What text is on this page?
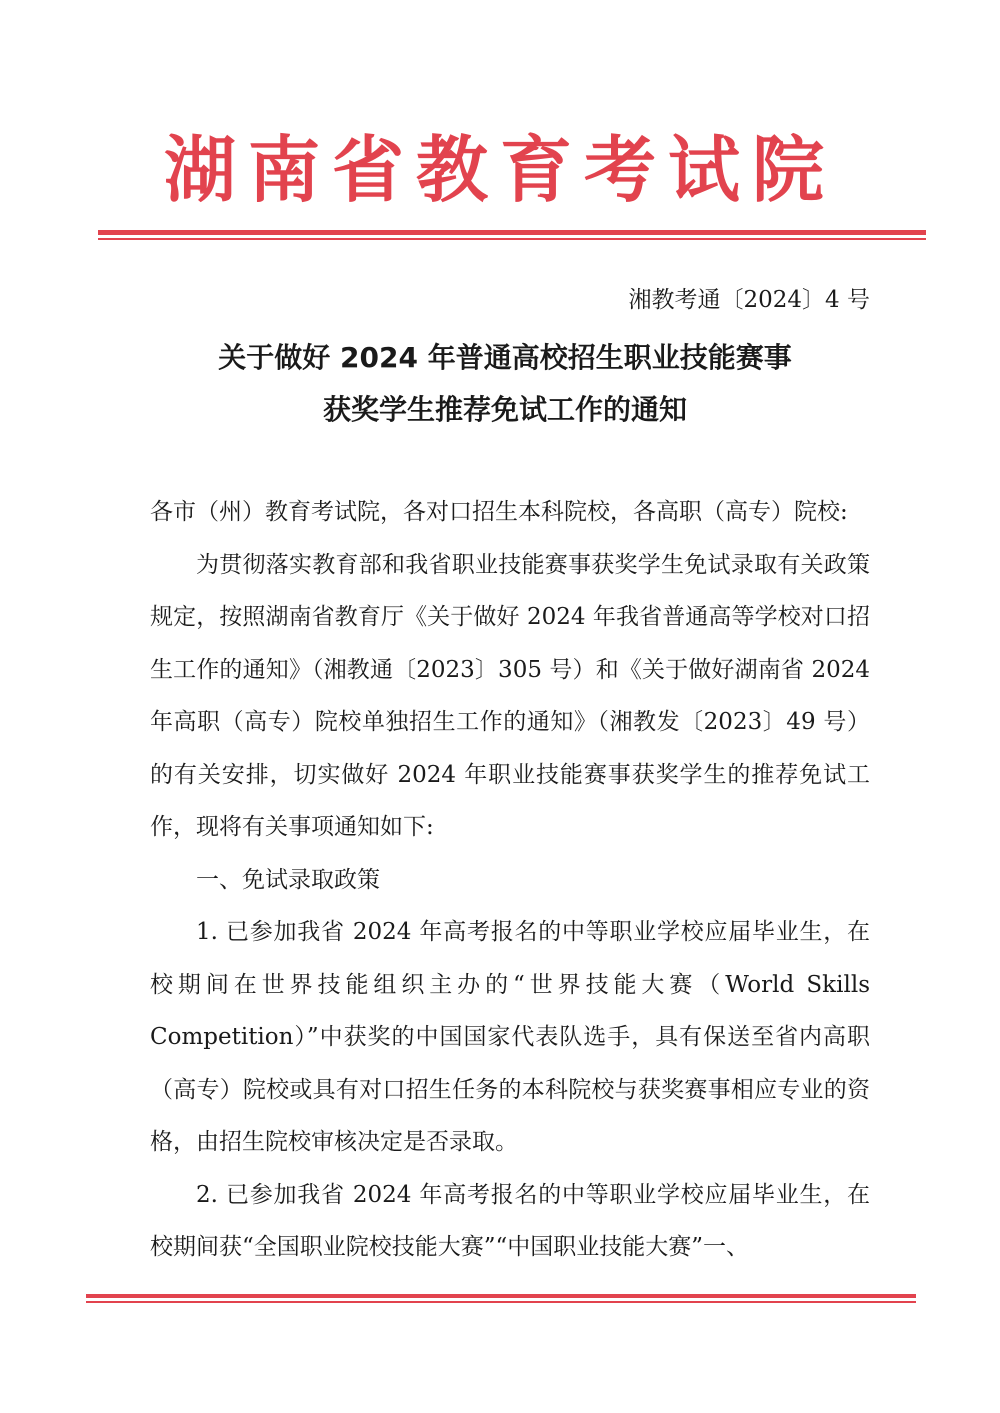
湖南省教育考试院
湘教考通〔2024〕4 号
关于做好 2024 年普通高校招生职业技能赛事
获奖学生推荐免试工作的通知

各市（州）教育考试院，各对口招生本科院校，各高职（高专）院校:

为贯彻落实教育部和我省职业技能赛事获奖学生免试录取有关政策规定，按照湖南省教育厅《关于做好 2024 年我省普通高等学校对口招生工作的通知》（湘教通〔2023〕305 号）和《关于做好湖南省 2024 年高职（高专）院校单独招生工作的通知》（湘教发〔2023〕49 号）的有关安排，切实做好 2024 年职业技能赛事获奖学生的推荐免试工作，现将有关事项通知如下:

一、免试录取政策

1. 已参加我省 2024 年高考报名的中等职业学校应届毕业生，在校期间在世界技能组织主办的“世界技能大赛（World Skills Competition）”中获奖的中国国家代表队选手，具有保送至省内高职（高专）院校或具有对口招生任务的本科院校与获奖赛事相应专业的资格，由招生院校审核决定是否录取。

2. 已参加我省 2024 年高考报名的中等职业学校应届毕业生，在校期间获“全国职业院校技能大赛”“中国职业技能大赛”一、
